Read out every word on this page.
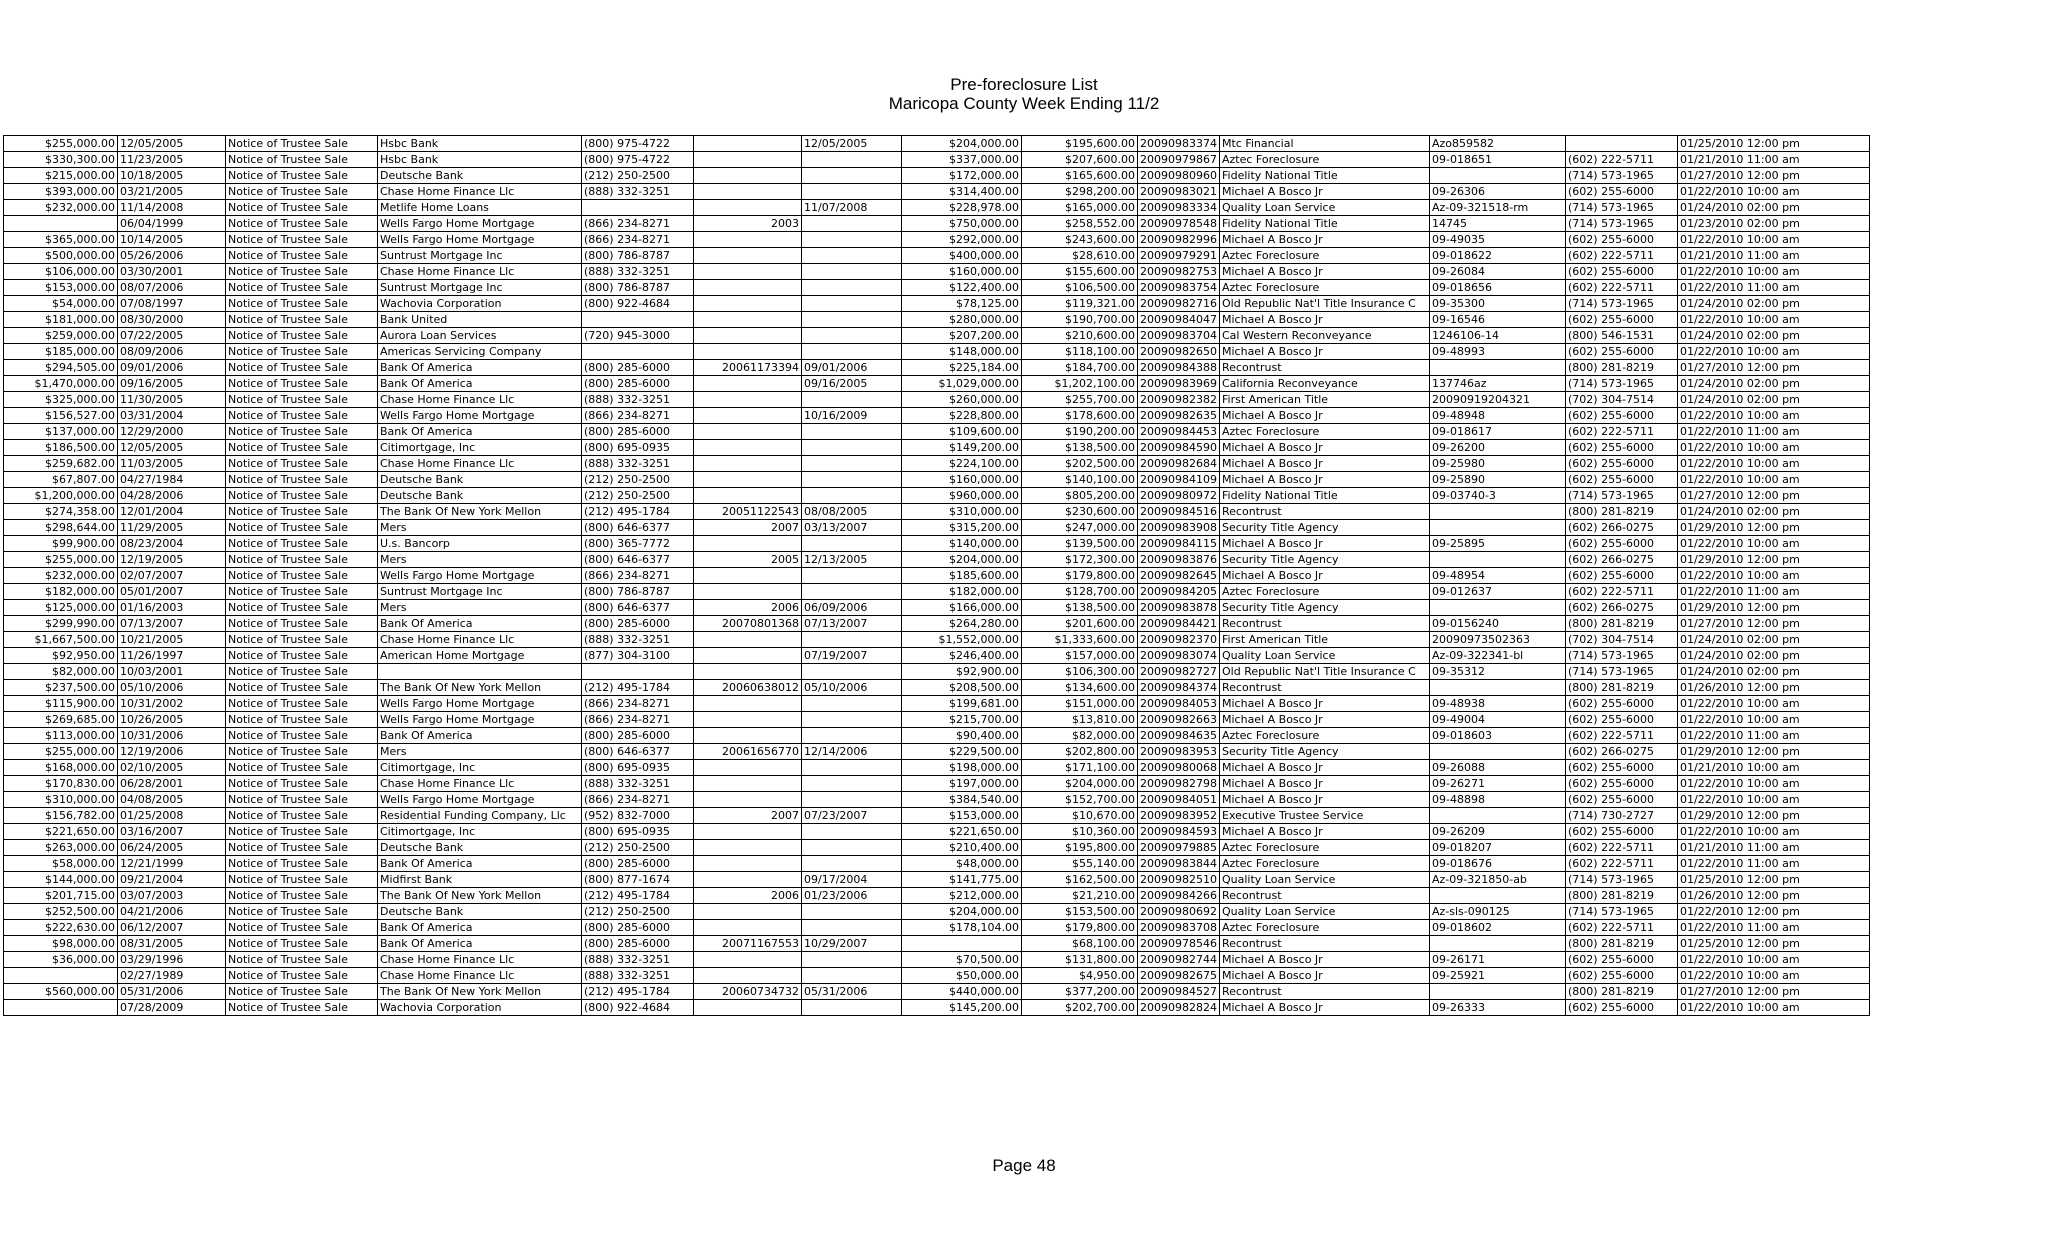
Pre-foreclosure List
Maricopa County Week Ending 11/2
$255,000.00	12/05/2005	Notice of Trustee Sale	Hsbc Bank	(800) 975-4722		12/05/2005	$204,000.00	$195,600.00	20090983374	Mtc Financial	Azo859582		01/25/2010 12:00 pm
$330,300.00	11/23/2005	Notice of Trustee Sale	Hsbc Bank	(800) 975-4722			$337,000.00	$207,600.00	20090979867	Aztec Foreclosure	09-018651	(602) 222-5711	01/21/2010 11:00 am
$215,000.00	10/18/2005	Notice of Trustee Sale	Deutsche Bank	(212) 250-2500			$172,000.00	$165,600.00	20090980960	Fidelity National Title		(714) 573-1965	01/27/2010 12:00 pm
$393,000.00	03/21/2005	Notice of Trustee Sale	Chase Home Finance Llc	(888) 332-3251			$314,400.00	$298,200.00	20090983021	Michael A Bosco Jr	09-26306	(602) 255-6000	01/22/2010 10:00 am
$232,000.00	11/14/2008	Notice of Trustee Sale	Metlife Home Loans			11/07/2008	$228,978.00	$165,000.00	20090983334	Quality Loan Service	Az-09-321518-rm	(714) 573-1965	01/24/2010 02:00 pm
	06/04/1999	Notice of Trustee Sale	Wells Fargo Home Mortgage	(866) 234-8271	2003		$750,000.00	$258,552.00	20090978548	Fidelity National Title	14745	(714) 573-1965	01/23/2010 02:00 pm
$365,000.00	10/14/2005	Notice of Trustee Sale	Wells Fargo Home Mortgage	(866) 234-8271			$292,000.00	$243,600.00	20090982996	Michael A Bosco Jr	09-49035	(602) 255-6000	01/22/2010 10:00 am
$500,000.00	05/26/2006	Notice of Trustee Sale	Suntrust Mortgage Inc	(800) 786-8787			$400,000.00	$28,610.00	20090979291	Aztec Foreclosure	09-018622	(602) 222-5711	01/21/2010 11:00 am
$106,000.00	03/30/2001	Notice of Trustee Sale	Chase Home Finance Llc	(888) 332-3251			$160,000.00	$155,600.00	20090982753	Michael A Bosco Jr	09-26084	(602) 255-6000	01/22/2010 10:00 am
$153,000.00	08/07/2006	Notice of Trustee Sale	Suntrust Mortgage Inc	(800) 786-8787			$122,400.00	$106,500.00	20090983754	Aztec Foreclosure	09-018656	(602) 222-5711	01/22/2010 11:00 am
$54,000.00	07/08/1997	Notice of Trustee Sale	Wachovia Corporation	(800) 922-4684			$78,125.00	$119,321.00	20090982716	Old Republic Nat'l Title Insurance C	09-35300	(714) 573-1965	01/24/2010 02:00 pm
$181,000.00	08/30/2000	Notice of Trustee Sale	Bank United				$280,000.00	$190,700.00	20090984047	Michael A Bosco Jr	09-16546	(602) 255-6000	01/22/2010 10:00 am
$259,000.00	07/22/2005	Notice of Trustee Sale	Aurora Loan Services	(720) 945-3000			$207,200.00	$210,600.00	20090983704	Cal Western Reconveyance	1246106-14	(800) 546-1531	01/24/2010 02:00 pm
$185,000.00	08/09/2006	Notice of Trustee Sale	Americas Servicing Company				$148,000.00	$118,100.00	20090982650	Michael A Bosco Jr	09-48993	(602) 255-6000	01/22/2010 10:00 am
$294,505.00	09/01/2006	Notice of Trustee Sale	Bank Of America	(800) 285-6000	20061173394	09/01/2006	$225,184.00	$184,700.00	20090984388	Recontrust		(800) 281-8219	01/27/2010 12:00 pm
$1,470,000.00	09/16/2005	Notice of Trustee Sale	Bank Of America	(800) 285-6000		09/16/2005	$1,029,000.00	$1,202,100.00	20090983969	California Reconveyance	137746az	(714) 573-1965	01/24/2010 02:00 pm
$325,000.00	11/30/2005	Notice of Trustee Sale	Chase Home Finance Llc	(888) 332-3251			$260,000.00	$255,700.00	20090982382	First American Title	20090919204321	(702) 304-7514	01/24/2010 02:00 pm
$156,527.00	03/31/2004	Notice of Trustee Sale	Wells Fargo Home Mortgage	(866) 234-8271		10/16/2009	$228,800.00	$178,600.00	20090982635	Michael A Bosco Jr	09-48948	(602) 255-6000	01/22/2010 10:00 am
$137,000.00	12/29/2000	Notice of Trustee Sale	Bank Of America	(800) 285-6000			$109,600.00	$190,200.00	20090984453	Aztec Foreclosure	09-018617	(602) 222-5711	01/22/2010 11:00 am
$186,500.00	12/05/2005	Notice of Trustee Sale	Citimortgage, Inc	(800) 695-0935			$149,200.00	$138,500.00	20090984590	Michael A Bosco Jr	09-26200	(602) 255-6000	01/22/2010 10:00 am
$259,682.00	11/03/2005	Notice of Trustee Sale	Chase Home Finance Llc	(888) 332-3251			$224,100.00	$202,500.00	20090982684	Michael A Bosco Jr	09-25980	(602) 255-6000	01/22/2010 10:00 am
$67,807.00	04/27/1984	Notice of Trustee Sale	Deutsche Bank	(212) 250-2500			$160,000.00	$140,100.00	20090984109	Michael A Bosco Jr	09-25890	(602) 255-6000	01/22/2010 10:00 am
$1,200,000.00	04/28/2006	Notice of Trustee Sale	Deutsche Bank	(212) 250-2500			$960,000.00	$805,200.00	20090980972	Fidelity National Title	09-03740-3	(714) 573-1965	01/27/2010 12:00 pm
$274,358.00	12/01/2004	Notice of Trustee Sale	The Bank Of New York Mellon	(212) 495-1784	20051122543	08/08/2005	$310,000.00	$230,600.00	20090984516	Recontrust		(800) 281-8219	01/24/2010 02:00 pm
$298,644.00	11/29/2005	Notice of Trustee Sale	Mers	(800) 646-6377	2007	03/13/2007	$315,200.00	$247,000.00	20090983908	Security Title Agency		(602) 266-0275	01/29/2010 12:00 pm
$99,900.00	08/23/2004	Notice of Trustee Sale	U.s. Bancorp	(800) 365-7772			$140,000.00	$139,500.00	20090984115	Michael A Bosco Jr	09-25895	(602) 255-6000	01/22/2010 10:00 am
$255,000.00	12/19/2005	Notice of Trustee Sale	Mers	(800) 646-6377	2005	12/13/2005	$204,000.00	$172,300.00	20090983876	Security Title Agency		(602) 266-0275	01/29/2010 12:00 pm
$232,000.00	02/07/2007	Notice of Trustee Sale	Wells Fargo Home Mortgage	(866) 234-8271			$185,600.00	$179,800.00	20090982645	Michael A Bosco Jr	09-48954	(602) 255-6000	01/22/2010 10:00 am
$182,000.00	05/01/2007	Notice of Trustee Sale	Suntrust Mortgage Inc	(800) 786-8787			$182,000.00	$128,700.00	20090984205	Aztec Foreclosure	09-012637	(602) 222-5711	01/22/2010 11:00 am
$125,000.00	01/16/2003	Notice of Trustee Sale	Mers	(800) 646-6377	2006	06/09/2006	$166,000.00	$138,500.00	20090983878	Security Title Agency		(602) 266-0275	01/29/2010 12:00 pm
$299,990.00	07/13/2007	Notice of Trustee Sale	Bank Of America	(800) 285-6000	20070801368	07/13/2007	$264,280.00	$201,600.00	20090984421	Recontrust	09-0156240	(800) 281-8219	01/27/2010 12:00 pm
$1,667,500.00	10/21/2005	Notice of Trustee Sale	Chase Home Finance Llc	(888) 332-3251			$1,552,000.00	$1,333,600.00	20090982370	First American Title	20090973502363	(702) 304-7514	01/24/2010 02:00 pm
$92,950.00	11/26/1997	Notice of Trustee Sale	American Home Mortgage	(877) 304-3100		07/19/2007	$246,400.00	$157,000.00	20090983074	Quality Loan Service	Az-09-322341-bl	(714) 573-1965	01/24/2010 02:00 pm
$82,000.00	10/03/2001	Notice of Trustee Sale					$92,900.00	$106,300.00	20090982727	Old Republic Nat'l Title Insurance C	09-35312	(714) 573-1965	01/24/2010 02:00 pm
$237,500.00	05/10/2006	Notice of Trustee Sale	The Bank Of New York Mellon	(212) 495-1784	20060638012	05/10/2006	$208,500.00	$134,600.00	20090984374	Recontrust		(800) 281-8219	01/26/2010 12:00 pm
$115,900.00	10/31/2002	Notice of Trustee Sale	Wells Fargo Home Mortgage	(866) 234-8271			$199,681.00	$151,000.00	20090984053	Michael A Bosco Jr	09-48938	(602) 255-6000	01/22/2010 10:00 am
$269,685.00	10/26/2005	Notice of Trustee Sale	Wells Fargo Home Mortgage	(866) 234-8271			$215,700.00	$13,810.00	20090982663	Michael A Bosco Jr	09-49004	(602) 255-6000	01/22/2010 10:00 am
$113,000.00	10/31/2006	Notice of Trustee Sale	Bank Of America	(800) 285-6000			$90,400.00	$82,000.00	20090984635	Aztec Foreclosure	09-018603	(602) 222-5711	01/22/2010 11:00 am
$255,000.00	12/19/2006	Notice of Trustee Sale	Mers	(800) 646-6377	20061656770	12/14/2006	$229,500.00	$202,800.00	20090983953	Security Title Agency		(602) 266-0275	01/29/2010 12:00 pm
$168,000.00	02/10/2005	Notice of Trustee Sale	Citimortgage, Inc	(800) 695-0935			$198,000.00	$171,100.00	20090980068	Michael A Bosco Jr	09-26088	(602) 255-6000	01/21/2010 10:00 am
$170,830.00	06/28/2001	Notice of Trustee Sale	Chase Home Finance Llc	(888) 332-3251			$197,000.00	$204,000.00	20090982798	Michael A Bosco Jr	09-26271	(602) 255-6000	01/22/2010 10:00 am
$310,000.00	04/08/2005	Notice of Trustee Sale	Wells Fargo Home Mortgage	(866) 234-8271			$384,540.00	$152,700.00	20090984051	Michael A Bosco Jr	09-48898	(602) 255-6000	01/22/2010 10:00 am
$156,782.00	01/25/2008	Notice of Trustee Sale	Residential Funding Company, Llc	(952) 832-7000	2007	07/23/2007	$153,000.00	$10,670.00	20090983952	Executive Trustee Service		(714) 730-2727	01/29/2010 12:00 pm
$221,650.00	03/16/2007	Notice of Trustee Sale	Citimortgage, Inc	(800) 695-0935			$221,650.00	$10,360.00	20090984593	Michael A Bosco Jr	09-26209	(602) 255-6000	01/22/2010 10:00 am
$263,000.00	06/24/2005	Notice of Trustee Sale	Deutsche Bank	(212) 250-2500			$210,400.00	$195,800.00	20090979885	Aztec Foreclosure	09-018207	(602) 222-5711	01/21/2010 11:00 am
$58,000.00	12/21/1999	Notice of Trustee Sale	Bank Of America	(800) 285-6000			$48,000.00	$55,140.00	20090983844	Aztec Foreclosure	09-018676	(602) 222-5711	01/22/2010 11:00 am
$144,000.00	09/21/2004	Notice of Trustee Sale	Midfirst Bank	(800) 877-1674		09/17/2004	$141,775.00	$162,500.00	20090982510	Quality Loan Service	Az-09-321850-ab	(714) 573-1965	01/25/2010 12:00 pm
$201,715.00	03/07/2003	Notice of Trustee Sale	The Bank Of New York Mellon	(212) 495-1784	2006	01/23/2006	$212,000.00	$21,210.00	20090984266	Recontrust		(800) 281-8219	01/26/2010 12:00 pm
$252,500.00	04/21/2006	Notice of Trustee Sale	Deutsche Bank	(212) 250-2500			$204,000.00	$153,500.00	20090980692	Quality Loan Service	Az-sls-090125	(714) 573-1965	01/22/2010 12:00 pm
$222,630.00	06/12/2007	Notice of Trustee Sale	Bank Of America	(800) 285-6000			$178,104.00	$179,800.00	20090983708	Aztec Foreclosure	09-018602	(602) 222-5711	01/22/2010 11:00 am
$98,000.00	08/31/2005	Notice of Trustee Sale	Bank Of America	(800) 285-6000	20071167553	10/29/2007		$68,100.00	20090978546	Recontrust		(800) 281-8219	01/25/2010 12:00 pm
$36,000.00	03/29/1996	Notice of Trustee Sale	Chase Home Finance Llc	(888) 332-3251			$70,500.00	$131,800.00	20090982744	Michael A Bosco Jr	09-26171	(602) 255-6000	01/22/2010 10:00 am
	02/27/1989	Notice of Trustee Sale	Chase Home Finance Llc	(888) 332-3251			$50,000.00	$4,950.00	20090982675	Michael A Bosco Jr	09-25921	(602) 255-6000	01/22/2010 10:00 am
$560,000.00	05/31/2006	Notice of Trustee Sale	The Bank Of New York Mellon	(212) 495-1784	20060734732	05/31/2006	$440,000.00	$377,200.00	20090984527	Recontrust		(800) 281-8219	01/27/2010 12:00 pm
	07/28/2009	Notice of Trustee Sale	Wachovia Corporation	(800) 922-4684			$145,200.00	$202,700.00	20090982824	Michael A Bosco Jr	09-26333	(602) 255-6000	01/22/2010 10:00 am
Page 48
